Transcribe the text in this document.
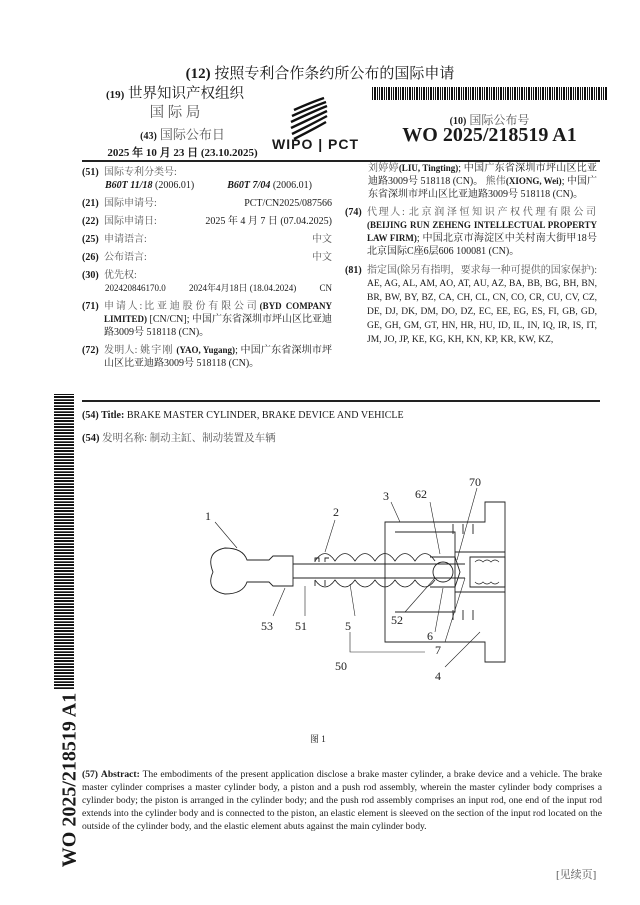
(12) 按照专利合作条约所公布的国际申请
(19) 世界知识产权组织
国 际 局
(43) 国际公布日
2025 年 10 月 23 日 (23.10.2025)
WIPO | PCT
(10) 国际公布号
WO 2025/218519 A1
(51) 国际专利分类号:
B60T 11/18 (2006.01)	B60T 7/04 (2006.01)
(21) 国际申请号:	PCT/CN2025/087566
(22) 国际申请日:	2025 年 4 月 7 日 (07.04.2025)
(25) 申请语言:	中文
(26) 公布语言:	中文
(30) 优先权:
202420846170.0	2024年4月18日 (18.04.2024)	CN
(71) 申请人:比亚迪股份有限公司(BYD COMPANY LIMITED) [CN/CN]; 中国广东省深圳市坪山区比亚迪路3009号 518118 (CN)。
(72) 发明人: 姚宇刚 (YAO, Yugang); 中国广东省深圳市坪山区比亚迪路3009号 518118 (CN)。
刘婷婷(LIU, Tingting); 中国广东省深圳市坪山区比亚迪路3009号 518118 (CN)。 熊伟(XIONG, Wei); 中国广东省深圳市坪山区比亚迪路3009号 518118 (CN)。
(74) 代理人: 北京润泽恒知识产权代理有限公司(BEIJING RUN ZEHENG INTELLECTUAL PROPERTY LAW FIRM); 中国北京市海淀区中关村南大街甲18号北京国际C座6层606 100081 (CN)。
(81) 指定国(除另有指明，要求每一种可提供的国家保护): AE, AG, AL, AM, AO, AT, AU, AZ, BA, BB, BG, BH, BN, BR, BW, BY, BZ, CA, CH, CL, CN, CO, CR, CU, CV, CZ, DE, DJ, DK, DM, DO, DZ, EC, EE, EG, ES, FI, GB, GD, GE, GH, GM, GT, HN, HR, HU, ID, IL, IN, IQ, IR, IS, IT, JM, JO, JP, KE, KG, KH, KN, KP, KR, KW, KZ,
WO 2025/218519 A1
(54) Title: BRAKE MASTER CYLINDER, BRAKE DEVICE AND VEHICLE
(54) 发明名称: 制动主缸、制动装置及车辆
1	2
3 62
70
53 51	5	52
6
50
7
4
图 1
(57) Abstract: The embodiments of the present application disclose a brake master cylinder, a brake device and a vehicle. The brake master cylinder comprises a master cylinder body, a piston and a push rod assembly, wherein the master cylinder body comprises a cylinder body; the piston is arranged in the cylinder body; and the push rod assembly comprises an input rod, one end of the input rod extends into the cylinder body and is connected to the piston, an elastic element is sleeved on the section of the input rod located on the outside of the cylinder body, and the elastic element abuts against the main cylinder body.
[见续页]
